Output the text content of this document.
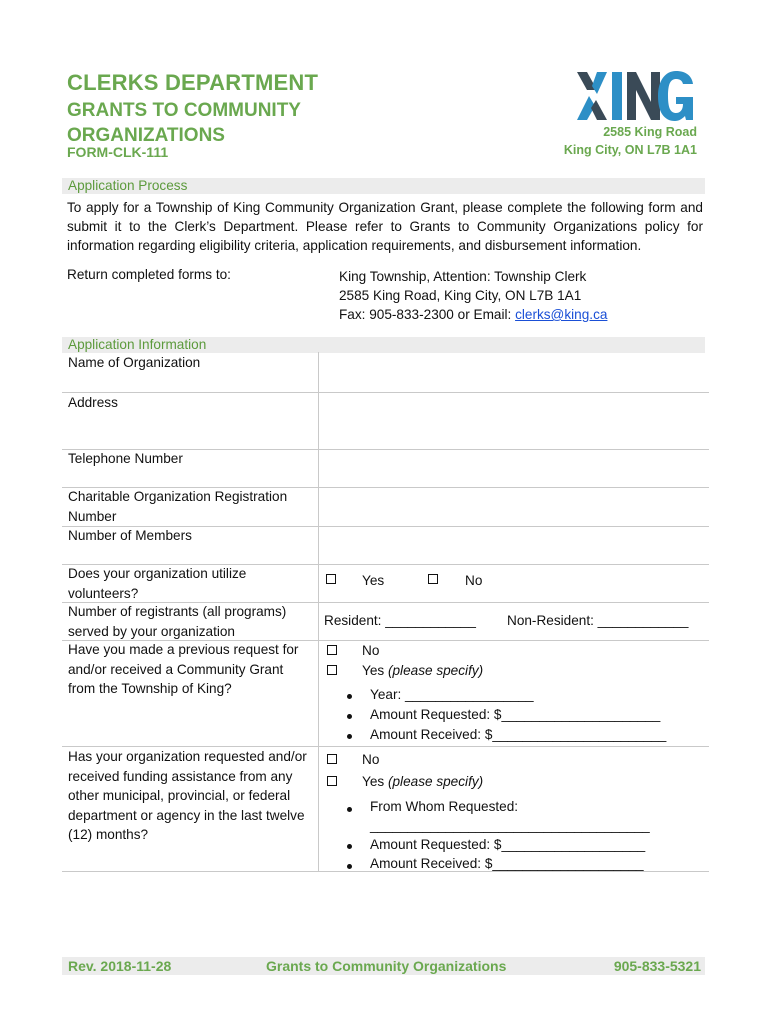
CLERKS DEPARTMENT
GRANTS TO COMMUNITY
ORGANIZATIONS
FORM-CLK-111
2585 King Road
King City, ON L7B 1A1
Application Process
To apply for a Township of King Community Organization Grant, please complete the following form and submit it to the Clerk’s Department. Please refer to Grants to Community Organizations policy for information regarding eligibility criteria, application requirements, and disbursement information.
Return completed forms to:	King Township, Attention: Township Clerk
2585 King Road, King City, ON L7B 1A1
Fax: 905-833-2300 or Email: clerks@king.ca
Application Information
Name of Organization
Address
Telephone Number
Charitable Organization Registration
Number
Number of Members
Does your organization utilize
volunteers?
Yes	No
Number of registrants (all programs)
served by your organization
Resident: ____________ Non-Resident: ____________
Have you made a previous request for
and/or received a Community Grant
from the Township of King?
No
Yes (please specify)
Year: _________________
Amount Requested: $_____________________
Amount Received: $_______________________
Has your organization requested and/or
received funding assistance from any
other municipal, provincial, or federal
department or agency in the last twelve
(12) months?
No
Yes (please specify)
From Whom Requested:
_____________________________________
Amount Requested: $___________________
Amount Received: $____________________
Rev. 2018-11-28	Grants to Community Organizations	905-833-5321
